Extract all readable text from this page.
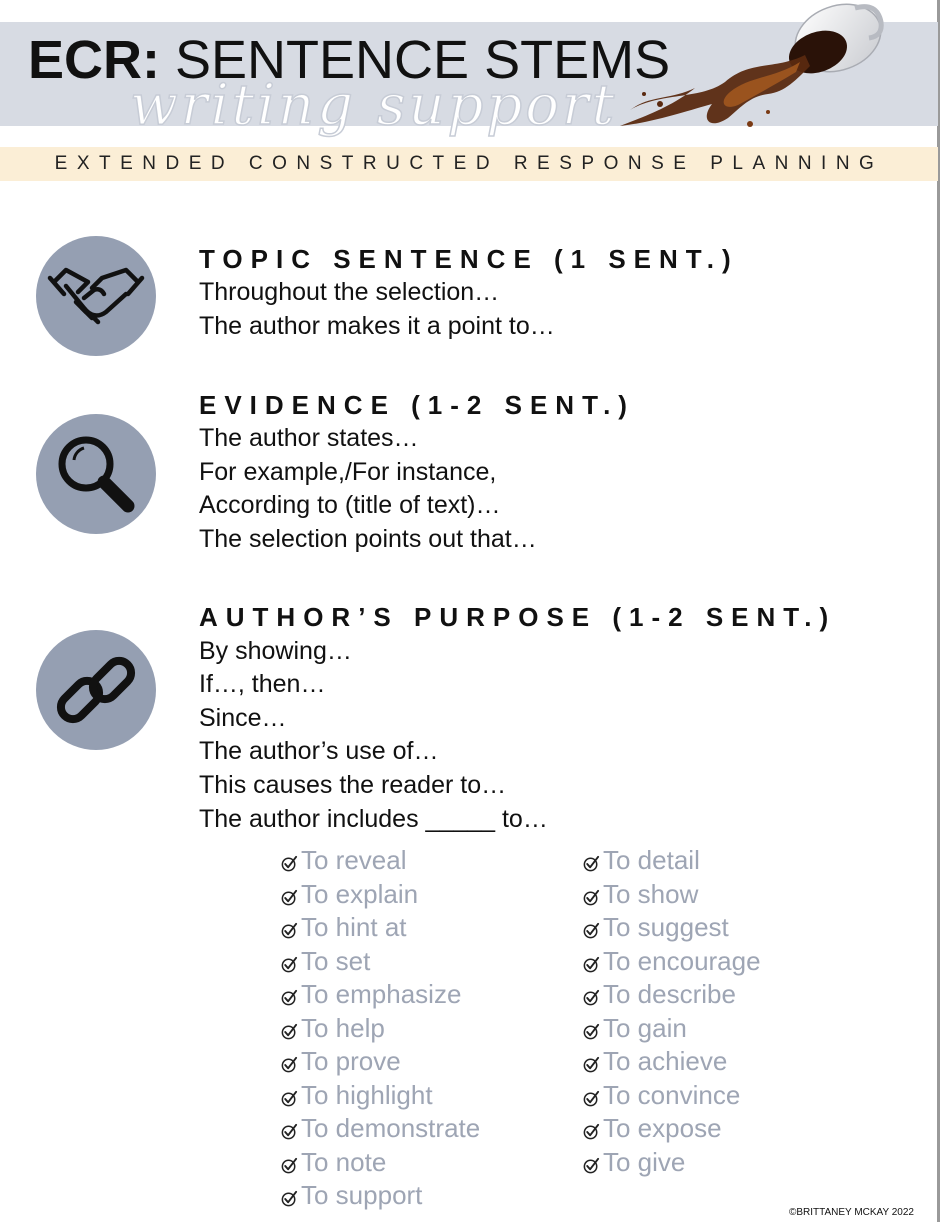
ECR: SENTENCE STEMS
writing support
EXTENDED CONSTRUCTED RESPONSE PLANNING
TOPIC SENTENCE (1 SENT.)
Throughout the selection…
The author makes it a point to…
EVIDENCE (1-2 SENT.)
The author states…
For example,/For instance,
According to (title of text)…
The selection points out that…
AUTHOR’S PURPOSE (1-2 SENT.)
By showing…
If…, then…
Since…
The author’s use of…
This causes the reader to…
The author includes _____ to…
To reveal
To explain
To hint at
To set
To emphasize
To help
To prove
To highlight
To demonstrate
To note
To support
To detail
To show
To suggest
To encourage
To describe
To gain
To achieve
To convince
To expose
To give
©BRITTANEY MCKAY 2022
